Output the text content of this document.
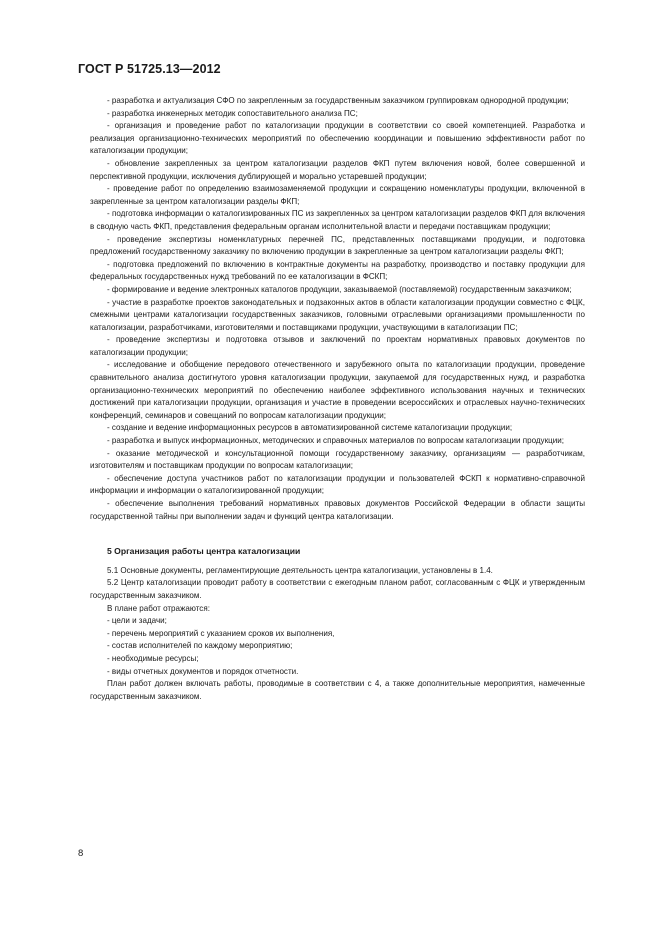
ГОСТ Р 51725.13—2012

- разработка и актуализация СФО по закрепленным за государственным заказчиком группировкам однородной продукции;

- разработка инженерных методик сопоставительного анализа ПС;

- организация и проведение работ по каталогизации продукции в соответствии со своей компетенцией. Разработка и реализация организационно-технических мероприятий по обеспечению координации и повышению эффективности работ по каталогизации продукции;

- обновление закрепленных за центром каталогизации разделов ФКП путем включения новой, более совершенной и перспективной продукции, исключения дублирующей и морально устаревшей продукции;

- проведение работ по определению взаимозаменяемой продукции и сокращению номенклатуры продукции, включенной в закрепленные за центром каталогизации разделы ФКП;

- подготовка информации о каталогизированных ПС из закрепленных за центром каталогизации разделов ФКП для включения в сводную часть ФКП, представления федеральным органам исполнительной власти и передачи поставщикам продукции;

- проведение экспертизы номенклатурных перечней ПС, представленных поставщиками продукции, и подготовка предложений государственному заказчику по включению продукции в закрепленные за центром каталогизации разделы ФКП;

- подготовка предложений по включению в контрактные документы на разработку, производство и поставку продукции для федеральных государственных нужд требований по ее каталогизации в ФСКП;

- формирование и ведение электронных каталогов продукции, заказываемой (поставляемой) государственным заказчиком;

- участие в разработке проектов законодательных и подзаконных актов в области каталогизации продукции совместно с ФЦК, смежными центрами каталогизации государственных заказчиков, головными отраслевыми организациями промышленности по каталогизации, разработчиками, изготовителями и поставщиками продукции, участвующими в каталогизации ПС;

- проведение экспертизы и подготовка отзывов и заключений по проектам нормативных правовых документов по каталогизации продукции;

- исследование и обобщение передового отечественного и зарубежного опыта по каталогизации продукции, проведение сравнительного анализа достигнутого уровня каталогизации продукции, закупаемой для государственных нужд, и разработка организационно-технических мероприятий по обеспечению наиболее эффективного использования научных и технических достижений при каталогизации продукции, организация и участие в проведении всероссийских и отраслевых научно-технических конференций, семинаров и совещаний по вопросам каталогизации продукции;

- создание и ведение информационных ресурсов в автоматизированной системе каталогизации продукции;

- разработка и выпуск информационных, методических и справочных материалов по вопросам каталогизации продукции;

- оказание методической и консультационной помощи государственному заказчику, организациям — разработчикам, изготовителям и поставщикам продукции по вопросам каталогизации;

- обеспечение доступа участников работ по каталогизации продукции и пользователей ФСКП к нормативно-справочной информации и информации о каталогизированной продукции;

- обеспечение выполнения требований нормативных правовых документов Российской Федерации в области защиты государственной тайны при выполнении задач и функций центра каталогизации.

5 Организация работы центра каталогизации

5.1 Основные документы, регламентирующие деятельность центра каталогизации, установлены в 1.4.

5.2 Центр каталогизации проводит работу в соответствии с ежегодным планом работ, согласованным с ФЦК и утвержденным государственным заказчиком.

В плане работ отражаются:

- цели и задачи;

- перечень мероприятий с указанием сроков их выполнения,

- состав исполнителей по каждому мероприятию;

- необходимые ресурсы;

- виды отчетных документов и порядок отчетности.

План работ должен включать работы, проводимые в соответствии с 4, а также дополнительные мероприятия, намеченные государственным заказчиком.

8
